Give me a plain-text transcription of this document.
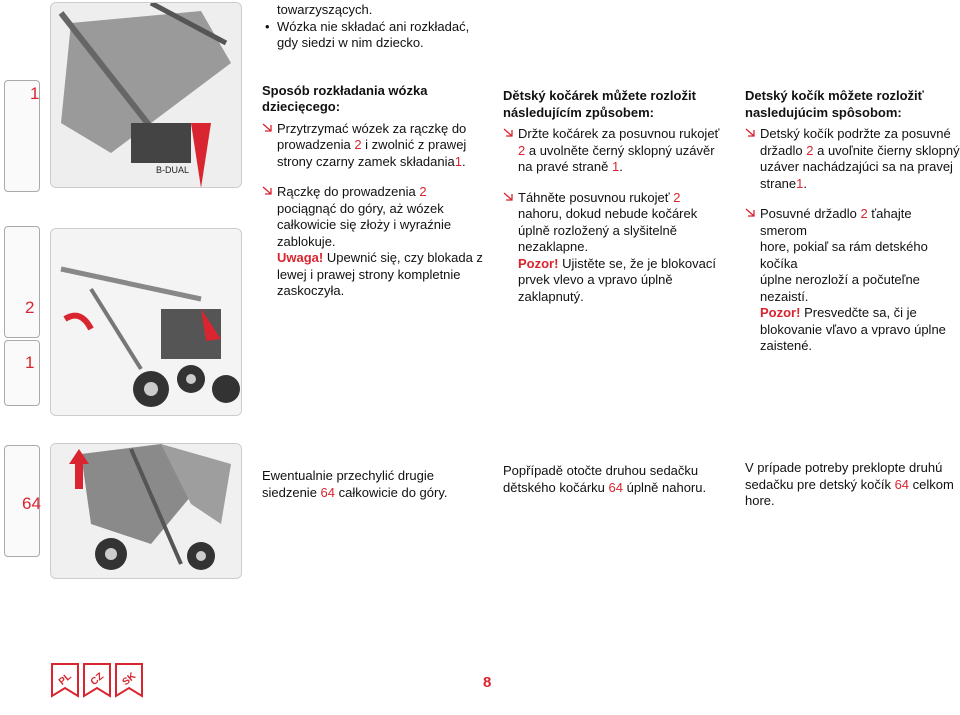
1
2
1
B-DUAL
towarzyszących.
• Wózka nie składać ani rozkładać,
gdy siedzi w nim dziecko.
Sposób rozkładania wózka
dziecięcego:
Przytrzymać wózek za rączkę do
prowadzenia 2 i zwolnić z prawej
strony czarny zamek składania1.
Rączkę do prowadzenia 2
pociągnąć do góry, aż wózek
całkowicie się złoży i wyraźnie
zablokuje.
Uwaga! Upewnić się, czy blokada z
lewej i prawej strony kompletnie
zaskoczyła.
Dětský kočárek můžete rozložit
následujícím způsobem:
Držte kočárek za posuvnou rukojeť
2 a uvolněte černý sklopný uzávěr
na pravé straně 1.
Táhněte posuvnou rukojeť 2
nahoru, dokud nebude kočárek
úplně rozložený a slyšitelně
nezaklapne.
Pozor! Ujistěte se, že je blokovací
prvek vlevo a vpravo úplně
zaklapnutý.
Detský kočík môžete rozložiť
nasledujúcim spôsobom:
Detský kočík podržte za posuvné
držadlo 2 a uvoľnite čierny sklopný
uzáver nachádzajúci sa na pravej
strane1.
Posuvné držadlo 2 ťahajte smerom
hore, pokiaľ sa rám detského kočíka
úplne nerozloží a počuteľne
nezaistí.
Pozor! Presvedčte sa, či je
blokovanie vľavo a vpravo úplne
zaistené.
64
Ewentualnie przechylić drugie
siedzenie 64 całkowicie do góry.
Popřípadě otočte druhou sedačku
dětského kočárku 64 úplně nahoru.
V prípade potreby preklopte druhú
sedačku pre detský kočík 64 celkom
hore.
PL CZ SK	8
